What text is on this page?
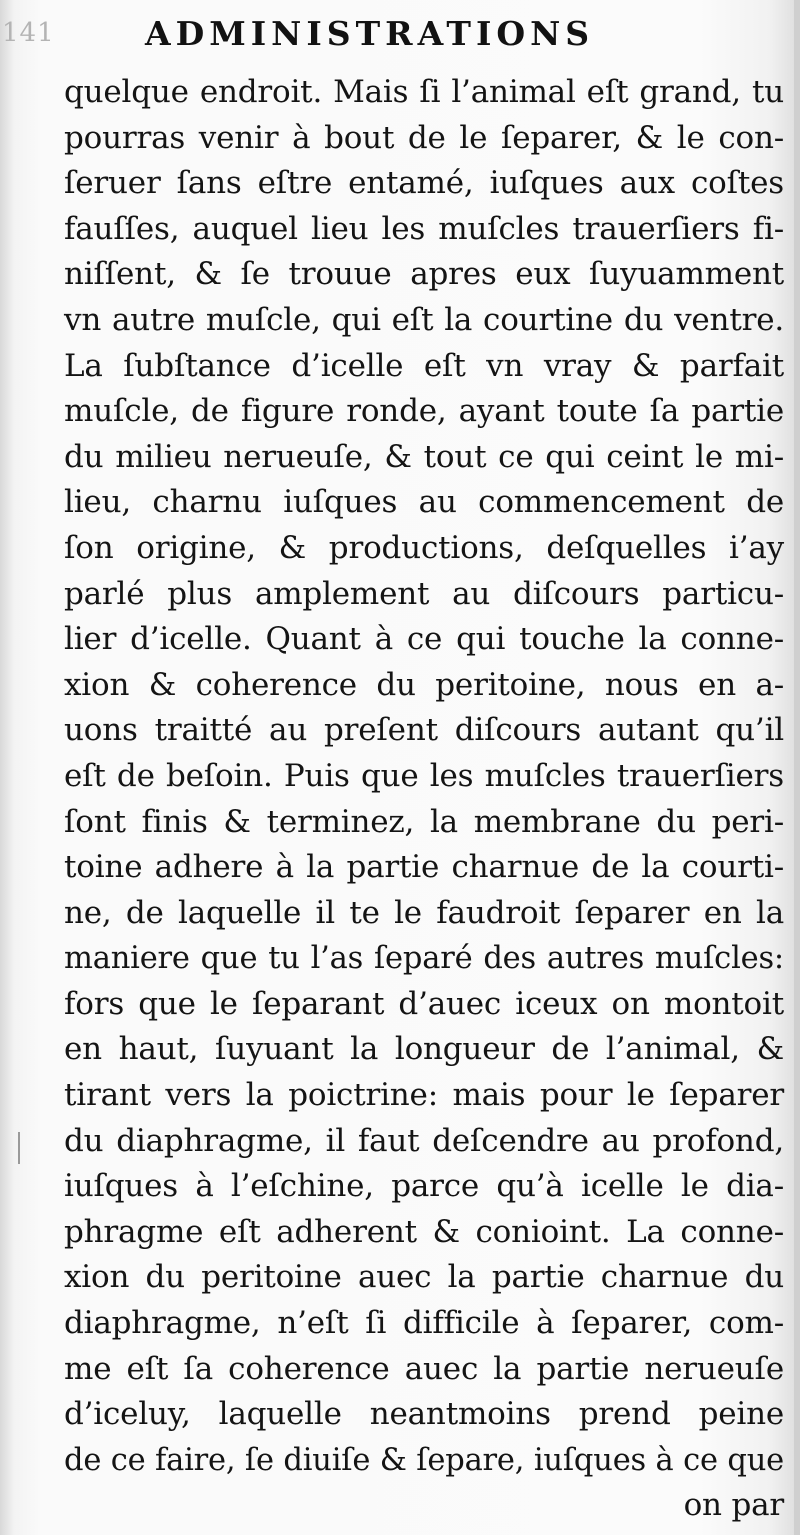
141	ADMINISTRATIONS
quelque endroit. Mais ſi l’animal eſt grand, tu
pourras venir à bout de le ſeparer, & le con-
ſeruer ſans eſtre entamé, iuſques aux coſtes
fauſſes, auquel lieu les muſcles trauerſiers fi-
niſſent, & ſe trouue apres eux ſuyuamment
vn autre muſcle, qui eſt la courtine du ventre.
La ſubſtance d’icelle eſt vn vray & parfait
muſcle, de figure ronde, ayant toute ſa partie
du milieu nerueuſe, & tout ce qui ceint le mi-
lieu, charnu iuſques au commencement de
ſon origine, & productions, deſquelles i’ay
parlé plus amplement au diſcours particu-
lier d’icelle. Quant à ce qui touche la conne-
xion & coherence du peritoine, nous en a-
uons traitté au preſent diſcours autant qu’il
eſt de beſoin. Puis que les muſcles trauerſiers
ſont finis & terminez, la membrane du peri-
toine adhere à la partie charnue de la courti-
ne, de laquelle il te le faudroit ſeparer en la
maniere que tu l’as ſeparé des autres muſcles:
fors que le ſeparant d’auec iceux on montoit
en haut, ſuyuant la longueur de l’animal, &
tirant vers la poictrine: mais pour le ſeparer
du diaphragme, il faut deſcendre au profond,
iuſques à l’eſchine, parce qu’à icelle le dia-
phragme eſt adherent & conioint. La conne-
xion du peritoine auec la partie charnue du
diaphragme, n’eſt ſi difficile à ſeparer, com-
me eſt ſa coherence auec la partie nerueuſe
d’iceluy, laquelle neantmoins prend peine
de ce faire, ſe diuiſe & ſepare, iuſques à ce que
on par
